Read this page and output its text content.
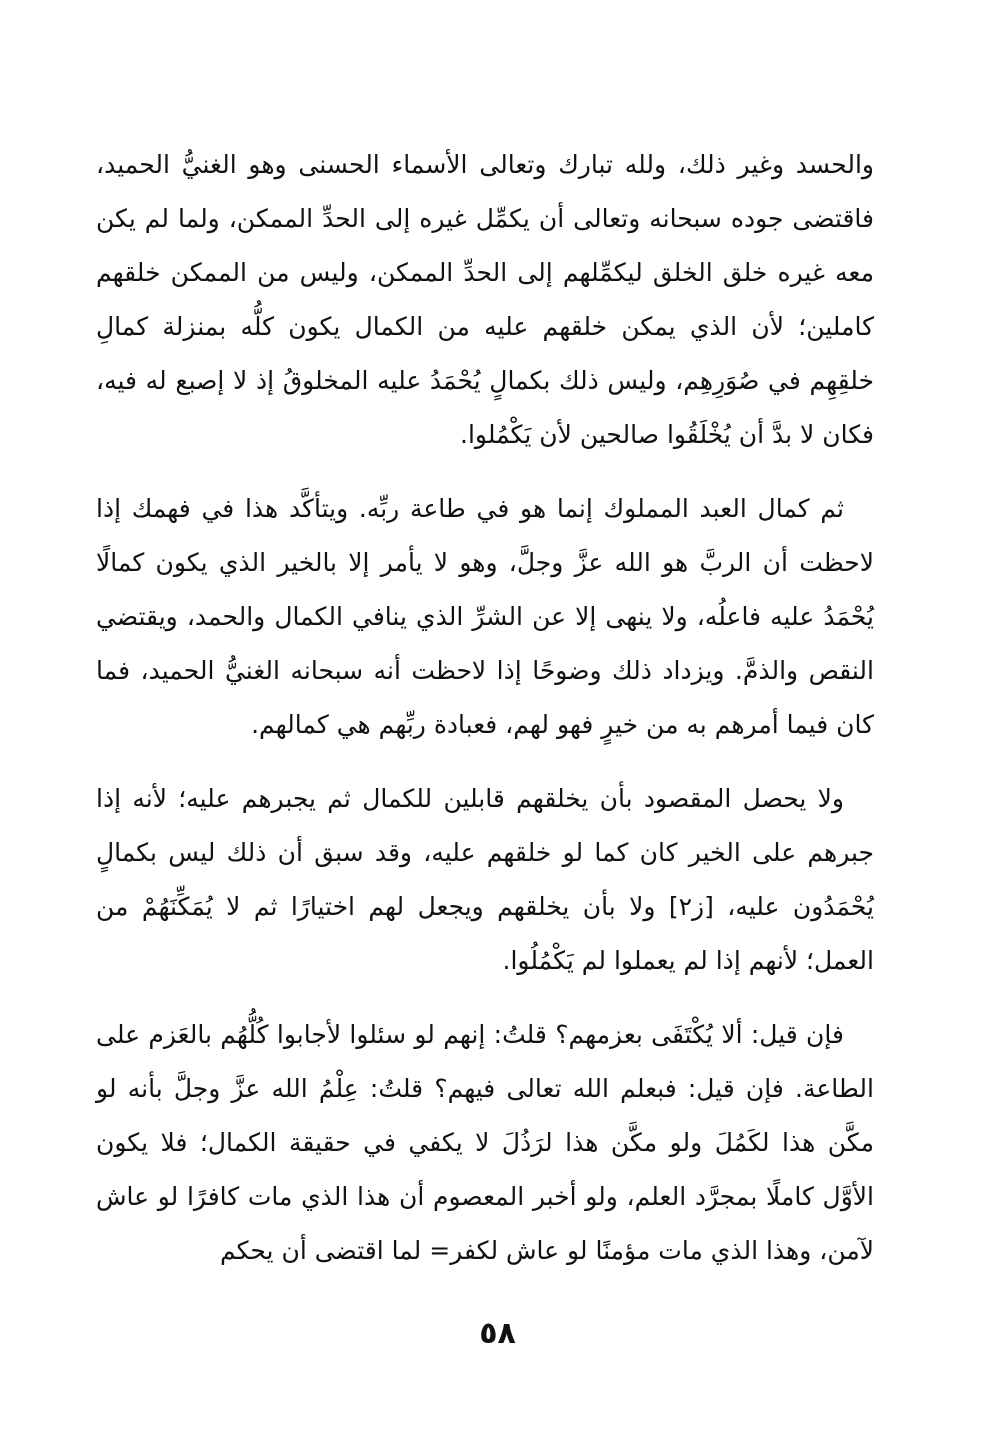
والحسد وغير ذلك، ولله تبارك وتعالى الأسماء الحسنى وهو الغنيُّ الحميد، فاقتضى جوده سبحانه وتعالى أن يكمِّل غيره إلى الحدِّ الممكن، ولما لم يكن معه غيره خلق الخلق ليكمِّلهم إلى الحدِّ الممكن، وليس من الممكن خلقهم كاملين؛ لأن الذي يمكن خلقهم عليه من الكمال يكون كلُّه بمنزلة كمالِ خلقِهِم في صُوَرِهِم، وليس ذلك بكمالٍ يُحْمَدُ عليه المخلوقُ إذ لا إصبع له فيه، فكان لا بدَّ أن يُخْلَقُوا صالحين لأن يَكْمُلوا.

ثم كمال العبد المملوك إنما هو في طاعة ربِّه. ويتأكَّد هذا في فهمك إذا لاحظت أن الربَّ هو الله عزَّ وجلَّ، وهو لا يأمر إلا بالخير الذي يكون كمالًا يُحْمَدُ عليه فاعلُه، ولا ينهى إلا عن الشرِّ الذي ينافي الكمال والحمد، ويقتضي النقص والذمَّ. ويزداد ذلك وضوحًا إذا لاحظت أنه سبحانه الغنيُّ الحميد، فما كان فيما أمرهم به من خيرٍ فهو لهم، فعبادة ربِّهم هي كمالهم.

ولا يحصل المقصود بأن يخلقهم قابلين للكمال ثم يجبرهم عليه؛ لأنه إذا جبرهم على الخير كان كما لو خلقهم عليه، وقد سبق أن ذلك ليس بكمالٍ يُحْمَدُون عليه، [ز٢] ولا بأن يخلقهم ويجعل لهم اختيارًا ثم لا يُمَكِّنَهُمْ من العمل؛ لأنهم إذا لم يعملوا لم يَكْمُلُوا.

فإن قيل: ألا يُكْتَفَى بعزمهم؟ قلتُ: إنهم لو سئلوا لأجابوا كُلُّهُم بالعَزم على الطاعة. فإن قيل: فبعلم الله تعالى فيهم؟ قلتُ: عِلْمُ الله عزَّ وجلَّ بأنه لو مكَّن هذا لكَمُلَ ولو مكَّن هذا لرَذُلَ لا يكفي في حقيقة الكمال؛ فلا يكون الأوَّل كاملًا بمجرَّد العلم، ولو أخبر المعصوم أن هذا الذي مات كافرًا لو عاش لآمن، وهذا الذي مات مؤمنًا لو عاش لكفر= لما اقتضى أن يحكم

٥٨
